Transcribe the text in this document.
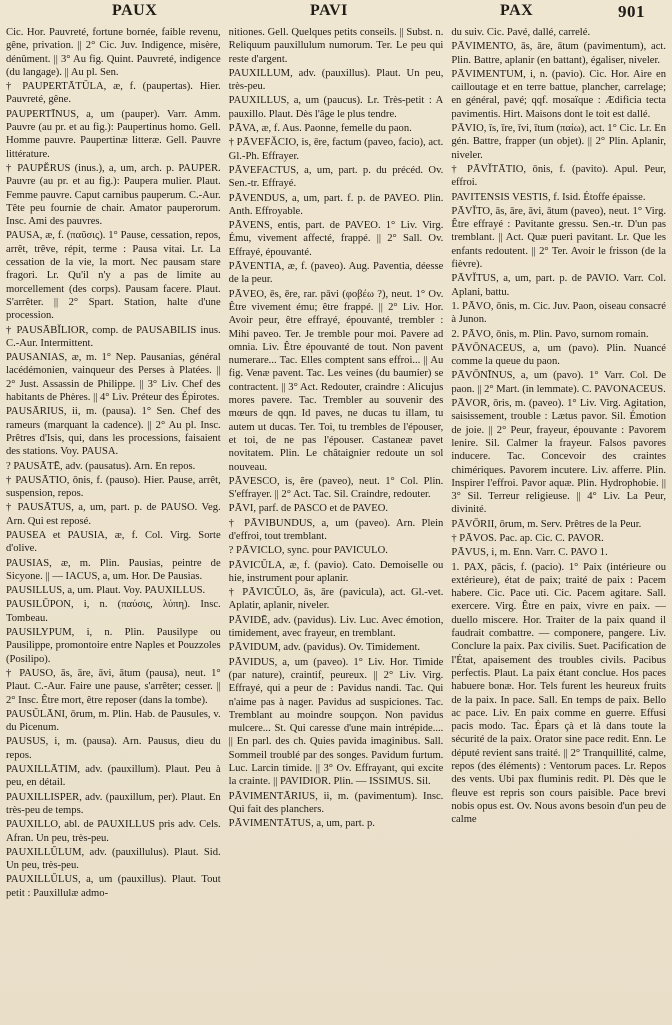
PAUX	PAVI	PAX	901

Cic. Hor. Pauvreté, fortune bornée, faible revenu, gêne, privation. || 2° Cic. Juv. Indigence, misère, dénûment. || 3° Au fig. Quint. Pauvreté, indigence (du langage). || Au pl. Sen.

† PAUPERTĀTŬLA, æ, f. (paupertas). Hier. Pauvreté, gêne.

PAUPERTĪNUS, a, um (pauper). Varr. Amm. Pauvre (au pr. et au fig.): Paupertinus homo. Gell. Homme pauvre. Paupertinæ litteræ. Gell. Pauvre littérature.

† PAUPĔRUS (inus.), a, um, arch. p. PAUPER. Pauvre (au pr. et au fig.): Paupera mulier. Plaut. Femme pauvre. Caput carnibus pauperum. C.-Aur. Tête peu fournie de chair. Amator pauperorum. Insc. Ami des pauvres.

PAUSA, æ, f. (παῦσις). 1° Pause, cessation, repos, arrêt, trêve, répit, terme : Pausa vitai. Lr. La cessation de la vie, la mort. Nec pausam stare fragori. Lr. Qu'il n'y a pas de limite au morcellement (des corps). Pausam facere. Plaut. S'arrêter. || 2° Spart. Station, halte d'une procession.

† PAUSĀBĬLIOR, comp. de PAUSABILIS inus. C.-Aur. Intermittent.

PAUSANIAS, æ, m. 1° Nep. Pausanias, général lacédémonien, vainqueur des Perses à Platées. || 2° Just. Assassin de Philippe. || 3° Liv. Chef des habitants de Phères. || 4° Liv. Préteur des Épirotes.

PAUSĀRIUS, ii, m. (pausa). 1° Sen. Chef des rameurs (marquant la cadence). || 2° Au pl. Insc. Prêtres d'Isis, qui, dans les processions, faisaient des stations. Voy. PAUSA.

? PAUSĀTĒ, adv. (pausatus). Arn. En repos.

† PAUSĀTIO, ōnis, f. (pauso). Hier. Pause, arrêt, suspension, repos.

† PAUSĀTUS, a, um, part. p. de PAUSO. Veg. Arn. Qui est reposé.

PAUSEA et PAUSIA, æ, f. Col. Virg. Sorte d'olive.

PAUSIAS, æ, m. Plin. Pausias, peintre de Sicyone. || — IACUS, a, um. Hor. De Pausias.

PAUSILLUS, a, um. Plaut. Voy. PAUXILLUS.

PAUSILŪPON, i, n. (παύσις, λύπη). Insc. Tombeau.

PAUSILYPUM, i, n. Plin. Pausilype ou Pausilippe, promontoire entre Naples et Pouzzoles (Posilipo).

† PAUSO, ās, āre, āvi, ātum (pausa), neut. 1° Plaut. C.-Aur. Faire une pause, s'arrêter; cesser. || 2° Insc. Être mort, être reposer (dans la tombe).

PAUSŬLĀNI, ōrum, m. Plin. Hab. de Pausules, v. du Picenum.

PAUSUS, i, m. (pausa). Arn. Pausus, dieu du repos.

PAUXILLĀTIM, adv. (pauxillum). Plaut. Peu à peu, en détail.

PAUXILLISPER, adv. (pauxillum, per). Plaut. En très-peu de temps.

PAUXILLO, abl. de PAUXILLUS pris adv. Cels. Afran. Un peu, très-peu.

PAUXILLŬLUM, adv. (pauxillulus). Plaut. Sid. Un peu, très-peu.

PAUXILLŬLUS, a, um (pauxillus). Plaut. Tout petit : Pauxillulæ admo-

nitiones. Gell. Quelques petits conseils. || Subst. n. Reliquum pauxillulum numorum. Ter. Le peu qui reste d'argent.

PAUXILLUM, adv. (pauxillus). Plaut. Un peu, très-peu.

PAUXILLUS, a, um (paucus). Lr. Très-petit : A pauxillo. Plaut. Dès l'âge le plus tendre.

PĀVA, æ, f. Aus. Paonne, femelle du paon.

† PĀVEFĂCIO, is, ēre, factum (paveo, facio), act. Gl.-Ph. Effrayer.

PĀVEFACTUS, a, um, part. p. du précéd. Ov. Sen.-tr. Effrayé.

PĀVENDUS, a, um, part. f. p. de PAVEO. Plin. Anth. Effroyable.

PĀVENS, entis, part. de PAVEO. 1° Liv. Virg. Ému, vivement affecté, frappé. || 2° Sall. Ov. Effrayé, épouvanté.

PĀVENTIA, æ, f. (paveo). Aug. Paventia, déesse de la peur.

PĀVEO, ēs, ēre, rar. pāvi (φοβέω ?), neut. 1° Ov. Être vivement ému; être frappé. || 2° Liv. Hor. Avoir peur, être effrayé, épouvanté, trembler : Mihi paveo. Ter. Je tremble pour moi. Pavere ad omnia. Liv. Être épouvanté de tout. Non pavent numerare... Tac. Elles comptent sans effroi... || Au fig. Venæ pavent. Tac. Les veines (du baumier) se contractent. || 3° Act. Redouter, craindre : Alicujus mores pavere. Tac. Trembler au souvenir des mœurs de qqn. Id paves, ne ducas tu illam, tu autem ut ducas. Ter. Toi, tu trembles de l'épouser, et toi, de ne pas l'épouser. Castaneæ pavet novitatem. Plin. Le châtaignier redoute un sol nouveau.

PĀVESCO, is, ĕre (paveo), neut. 1° Col. Plin. S'effrayer. || 2° Act. Tac. Sil. Craindre, redouter.

PĀVI, parf. de PASCO et de PAVEO.

† PĀVIBUNDUS, a, um (paveo). Arn. Plein d'effroi, tout tremblant.

? PĀVICLO, sync. pour PAVICULO.

PĀVICŬLA, æ, f. (pavio). Cato. Demoiselle ou hie, instrument pour aplanir.

† PĀVICŬLO, ās, āre (pavicula), act. Gl.-vet. Aplatir, aplanir, niveler.

PĀVIDĒ, adv. (pavidus). Liv. Luc. Avec émotion, timidement, avec frayeur, en tremblant.

PĀVIDUM, adv. (pavidus). Ov. Timidement.

PĀVIDUS, a, um (paveo). 1° Liv. Hor. Timide (par nature), craintif, peureux. || 2° Liv. Virg. Effrayé, qui a peur de : Pavidus nandi. Tac. Qui n'aime pas à nager. Pavidus ad suspiciones. Tac. Tremblant au moindre soupçon. Non pavidus mulcere... St. Qui caresse d'une main intrépide.... || En parl. des ch. Quies pavida imaginibus. Sall. Sommeil troublé par des songes. Pavidum furtum. Luc. Larcin timide. || 3° Ov. Effrayant, qui excite la crainte. || PAVIDIOR. Plin. — ISSIMUS. Sil.

PĀVIMENTĀRIUS, ii, m. (pavimentum). Insc. Qui fait des planchers.

PĀVIMENTĀTUS, a, um, part. p.

du suiv. Cic. Pavé, dallé, carrelé.

PĀVIMENTO, ās, āre, ātum (pavimentum), act. Plin. Battre, aplanir (en battant), égaliser, niveler.

PĀVIMENTUM, i, n. (pavio). Cic. Hor. Aire en cailloutage et en terre battue, plancher, carrelage; en général, pavé; qqf. mosaïque : Ædificia tecta pavimentis. Hirt. Maisons dont le toit est dallé.

PĀVIO, īs, īre, īvi, ītum (παίω), act. 1° Cic. Lr. En gén. Battre, frapper (un objet). || 2° Plin. Aplanir, niveler.

† PĀVĬTĀTIO, ōnis, f. (pavito). Apul. Peur, effroi.

PAVITENSIS VESTIS, f. Isid. Étoffe épaisse.

PĀVĬTO, ās, āre, āvi, ātum (paveo), neut. 1° Virg. Être effrayé : Pavitante gressu. Sen.-tr. D'un pas tremblant. || Act. Quæ pueri pavitant. Lr. Que les enfants redoutent. || 2° Ter. Avoir le frisson (de la fièvre).

PĀVĬTUS, a, um, part. p. de PAVIO. Varr. Col. Aplani, battu.

1. PĀVO, ōnis, m. Cic. Juv. Paon, oiseau consacré à Junon.

2. PĀVO, ōnis, m. Plin. Pavo, surnom romain.

PĀVŌNACEUS, a, um (pavo). Plin. Nuancé comme la queue du paon.

PĀVŌNĪNUS, a, um (pavo). 1° Varr. Col. De paon. || 2° Mart. (in lemmate). C. PAVONACEUS.

PĀVOR, ōris, m. (paveo). 1° Liv. Virg. Agitation, saisissement, trouble : Lætus pavor. Sil. Émotion de joie. || 2° Peur, frayeur, épouvante : Pavorem lenire. Sil. Calmer la frayeur. Falsos pavores inducere. Tac. Concevoir des craintes chimériques. Pavorem incutere. Liv. afferre. Plin. Inspirer l'effroi. Pavor aquæ. Plin. Hydrophobie. || 3° Sil. Terreur religieuse. || 4° Liv. La Peur, divinité.

PĀVŌRII, ōrum, m. Serv. Prêtres de la Peur.

† PĀVOS. Pac. ap. Cic. C. PAVOR.

PĀVUS, i, m. Enn. Varr. C. PAVO 1.

1. PAX, pācis, f. (pacio). 1° Paix (intérieure ou extérieure), état de paix; traité de paix : Pacem habere. Cic. Pace uti. Cic. Pacem agitare. Sall. exercere. Virg. Être en paix, vivre en paix. — duello miscere. Hor. Traiter de la paix quand il faudrait combattre. — componere, pangere. Liv. Conclure la paix. Pax civilis. Suet. Pacification de l'État, apaisement des troubles civils. Pacibus perfectis. Plaut. La paix étant conclue. Hos paces habuere bonæ. Hor. Tels furent les heureux fruits de la paix. In pace. Sall. En temps de paix. Bello ac pace. Liv. En paix comme en guerre. Effusi pacis modo. Tac. Épars çà et là dans toute la sécurité de la paix. Orator sine pace redit. Enn. Le député revient sans traité. || 2° Tranquillité, calme, repos (des éléments) : Ventorum paces. Lr. Repos des vents. Ubi pax fluminis redit. Pl. Dès que le fleuve est repris son cours paisible. Pace brevi nobis opus est. Ov. Nous avons besoin d'un peu de calme
